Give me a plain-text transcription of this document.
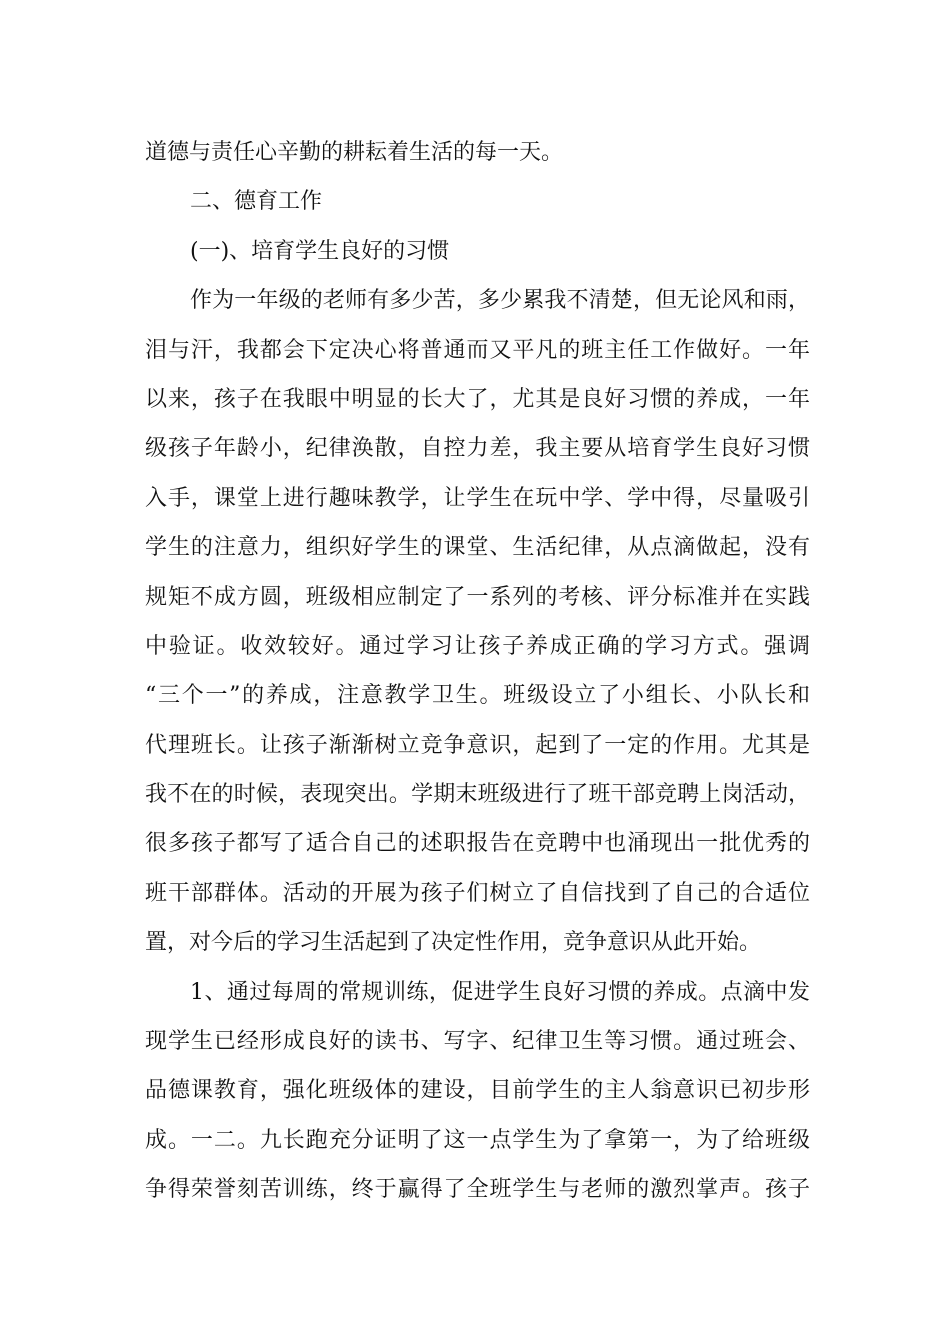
道德与责任心辛勤的耕耘着生活的每一天。
二、德育工作
(一)、培育学生良好的习惯
作为一年级的老师有多少苦，多少累我不清楚，但无论风和雨，
泪与汗，我都会下定决心将普通而又平凡的班主任工作做好。一年
以来，孩子在我眼中明显的长大了，尤其是良好习惯的养成，一年
级孩子年龄小，纪律涣散，自控力差，我主要从培育学生良好习惯
入手，课堂上进行趣味教学，让学生在玩中学、学中得，尽量吸引
学生的注意力，组织好学生的课堂、生活纪律，从点滴做起，没有
规矩不成方圆，班级相应制定了一系列的考核、评分标准并在实践
中验证。收效较好。通过学习让孩子养成正确的学习方式。强调
“三个一”的养成，注意教学卫生。班级设立了小组长、小队长和
代理班长。让孩子渐渐树立竞争意识，起到了一定的作用。尤其是
我不在的时候，表现突出。学期末班级进行了班干部竞聘上岗活动，
很多孩子都写了适合自己的述职报告在竞聘中也涌现出一批优秀的
班干部群体。活动的开展为孩子们树立了自信找到了自己的合适位
置，对今后的学习生活起到了决定性作用，竞争意识从此开始。
1、通过每周的常规训练，促进学生良好习惯的养成。点滴中发
现学生已经形成良好的读书、写字、纪律卫生等习惯。通过班会、
品德课教育，强化班级体的建设，目前学生的主人翁意识已初步形
成。一二。九长跑充分证明了这一点学生为了拿第一，为了给班级
争得荣誉刻苦训练，终于赢得了全班学生与老师的激烈掌声。孩子
